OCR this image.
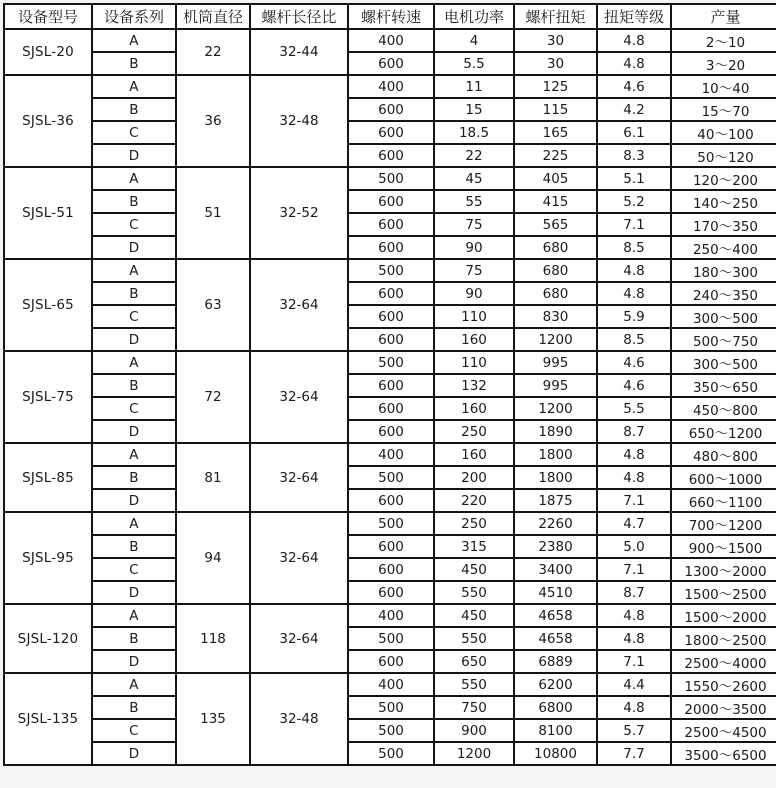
设备型号	设备系列	机筒直径	螺杆长径比	螺杆转速	电机功率	螺杆扭矩	扭矩等级	产量
SJSL-20	A	22	32-44	400	4	30	4.8	2～10
	B			600	5.5	30	4.8	3～20
SJSL-36	A	36	32-48	400	11	125	4.6	10～40
	B			600	15	115	4.2	15～70
	C			600	18.5	165	6.1	40～100
	D			600	22	225	8.3	50～120
SJSL-51	A	51	32-52	500	45	405	5.1	120～200
	B			600	55	415	5.2	140～250
	C			600	75	565	7.1	170～350
	D			600	90	680	8.5	250～400
SJSL-65	A	63	32-64	500	75	680	4.8	180～300
	B			600	90	680	4.8	240～350
	C			600	110	830	5.9	300～500
	D			600	160	1200	8.5	500～750
SJSL-75	A	72	32-64	500	110	995	4.6	300～500
	B			600	132	995	4.6	350～650
	C			600	160	1200	5.5	450～800
	D			600	250	1890	8.7	650～1200
SJSL-85	A	81	32-64	400	160	1800	4.8	480～800
	B			500	200	1800	4.8	600～1000
	D			600	220	1875	7.1	660～1100
SJSL-95	A	94	32-64	500	250	2260	4.7	700～1200
	B			600	315	2380	5.0	900～1500
	C			600	450	3400	7.1	1300～2000
	D			600	550	4510	8.7	1500～2500
SJSL-120	A	118	32-64	400	450	4658	4.8	1500～2000
	B			500	550	4658	4.8	1800～2500
	D			600	650	6889	7.1	2500～4000
SJSL-135	A	135	32-48	400	550	6200	4.4	1550～2600
	B			500	750	6800	4.8	2000～3500
	C			500	900	8100	5.7	2500～4500
	D			500	1200	10800	7.7	3500～6500
